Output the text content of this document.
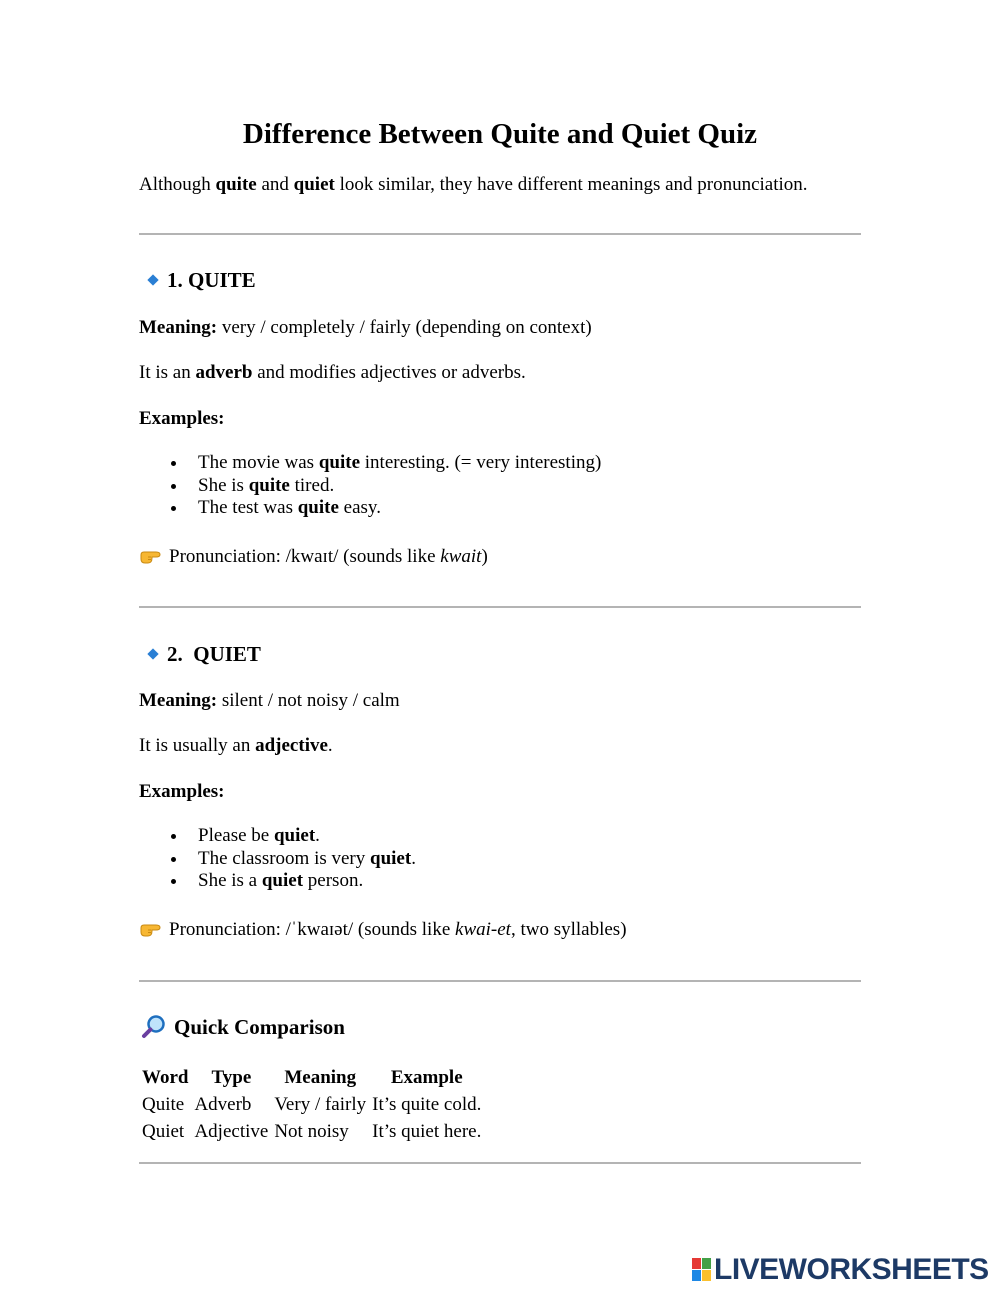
Difference Between Quite and Quiet Quiz

Although quite and quiet look similar, they have different meanings and pronunciation.

1. QUITE

Meaning: very / completely / fairly (depending on context)

It is an adverb and modifies adjectives or adverbs.

Examples:

The movie was quite interesting. (= very interesting)
She is quite tired.
The test was quite easy.

Pronunciation: /kwaɪt/ (sounds like kwait)

2.  QUIET

Meaning: silent / not noisy / calm

It is usually an adjective.

Examples:

Please be quiet.
The classroom is very quiet.
She is a quiet person.

Pronunciation: /ˈkwaɪət/ (sounds like kwai-et, two syllables)

Quick Comparison
Word	Type	Meaning	Example
Quite	Adverb	Very / fairly	It’s quite cold.
Quiet	Adjective	Not noisy	It’s quiet here.
LIVEWORKSHEETS
